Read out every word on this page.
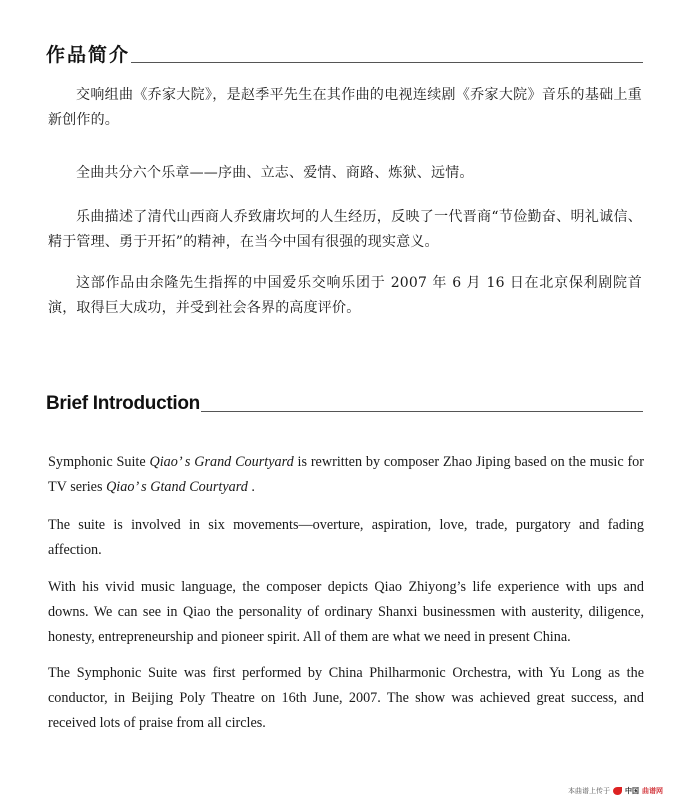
作品简介

交响组曲《乔家大院》，是赵季平先生在其作曲的电视连续剧《乔家大院》音乐的基础上重新创作的。

全曲共分六个乐章——序曲、立志、爱情、商路、炼狱、远情。

乐曲描述了清代山西商人乔致庸坎坷的人生经历，反映了一代晋商“节俭勤奋、明礼诚信、精于管理、勇于开拓”的精神，在当今中国有很强的现实意义。

这部作品由余隆先生指挥的中国爱乐交响乐团于 2007 年 6 月 16 日在北京保利剧院首演，取得巨大成功，并受到社会各界的高度评价。

Brief Introduction

Symphonic Suite Qiao’ s Grand Courtyard is rewritten by composer Zhao Jiping based on the music for TV series Qiao’ s Gtand Courtyard .

The suite is involved in six movements—overture, aspiration, love, trade, purgatory and fading affection.

With his vivid music language, the composer depicts Qiao Zhiyong’s life experience with ups and downs. We can see in Qiao the personality of ordinary Shanxi businessmen with austerity, diligence, honesty, entrepreneurship and pioneer spirit. All of them are what we need in present China.

The Symphonic Suite was first performed by China Philharmonic Orchestra, with Yu Long as the conductor, in Beijing Poly Theatre on 16th June, 2007. The show was achieved great success, and received lots of praise from all circles.

本曲谱上传于 中国 曲谱网
